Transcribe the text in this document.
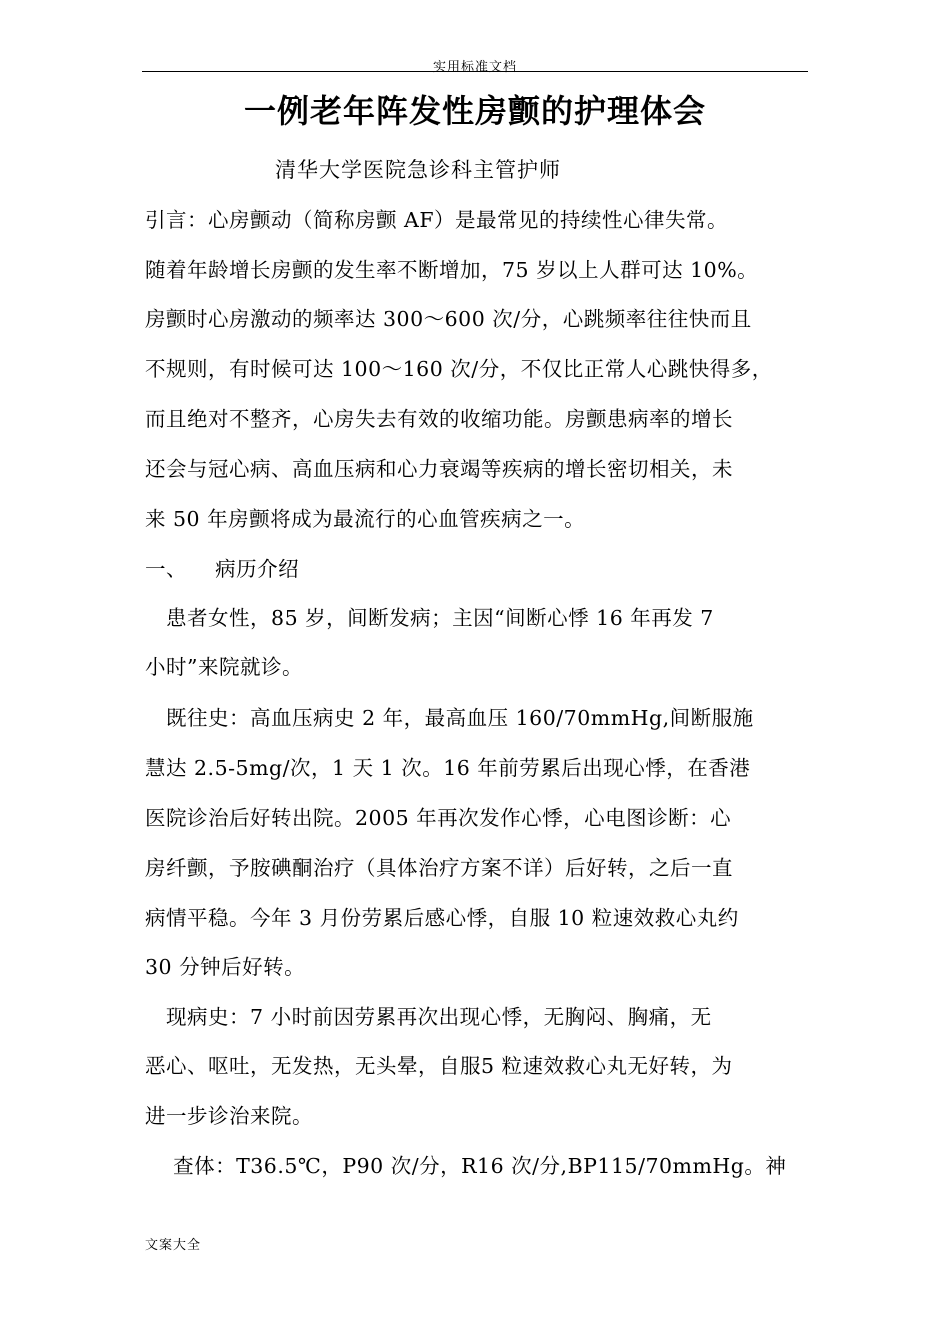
实用标准文档
一例老年阵发性房颤的护理体会
清华大学医院急诊科主管护师
引言：心房颤动（简称房颤 AF）是最常见的持续性心律失常。
随着年龄增长房颤的发生率不断增加，75 岁以上人群可达 10%。
房颤时心房激动的频率达 300～600 次/分，心跳频率往往快而且
不规则，有时候可达 100～160 次/分，不仅比正常人心跳快得多，
而且绝对不整齐，心房失去有效的收缩功能。房颤患病率的增长
还会与冠心病、高血压病和心力衰竭等疾病的增长密切相关，未
来 50 年房颤将成为最流行的心血管疾病之一。
一、    病历介绍
患者女性，85 岁，间断发病；主因“间断心悸 16 年再发 7
小时”来院就诊。
既往史：高血压病史 2 年，最高血压 160/70mmHg,间断服施
慧达 2.5-5mg/次，1 天 1 次。16 年前劳累后出现心悸，在香港
医院诊治后好转出院。2005 年再次发作心悸，心电图诊断：心
房纤颤，予胺碘酮治疗（具体治疗方案不详）后好转，之后一直
病情平稳。今年 3 月份劳累后感心悸，自服 10 粒速效救心丸约
30 分钟后好转。
现病史：7 小时前因劳累再次出现心悸，无胸闷、胸痛，无
恶心、呕吐，无发热，无头晕，自服5 粒速效救心丸无好转，为
进一步诊治来院。
查体：T36.5℃，P90 次/分，R16 次/分,BP115/70mmHg。神
文案大全
